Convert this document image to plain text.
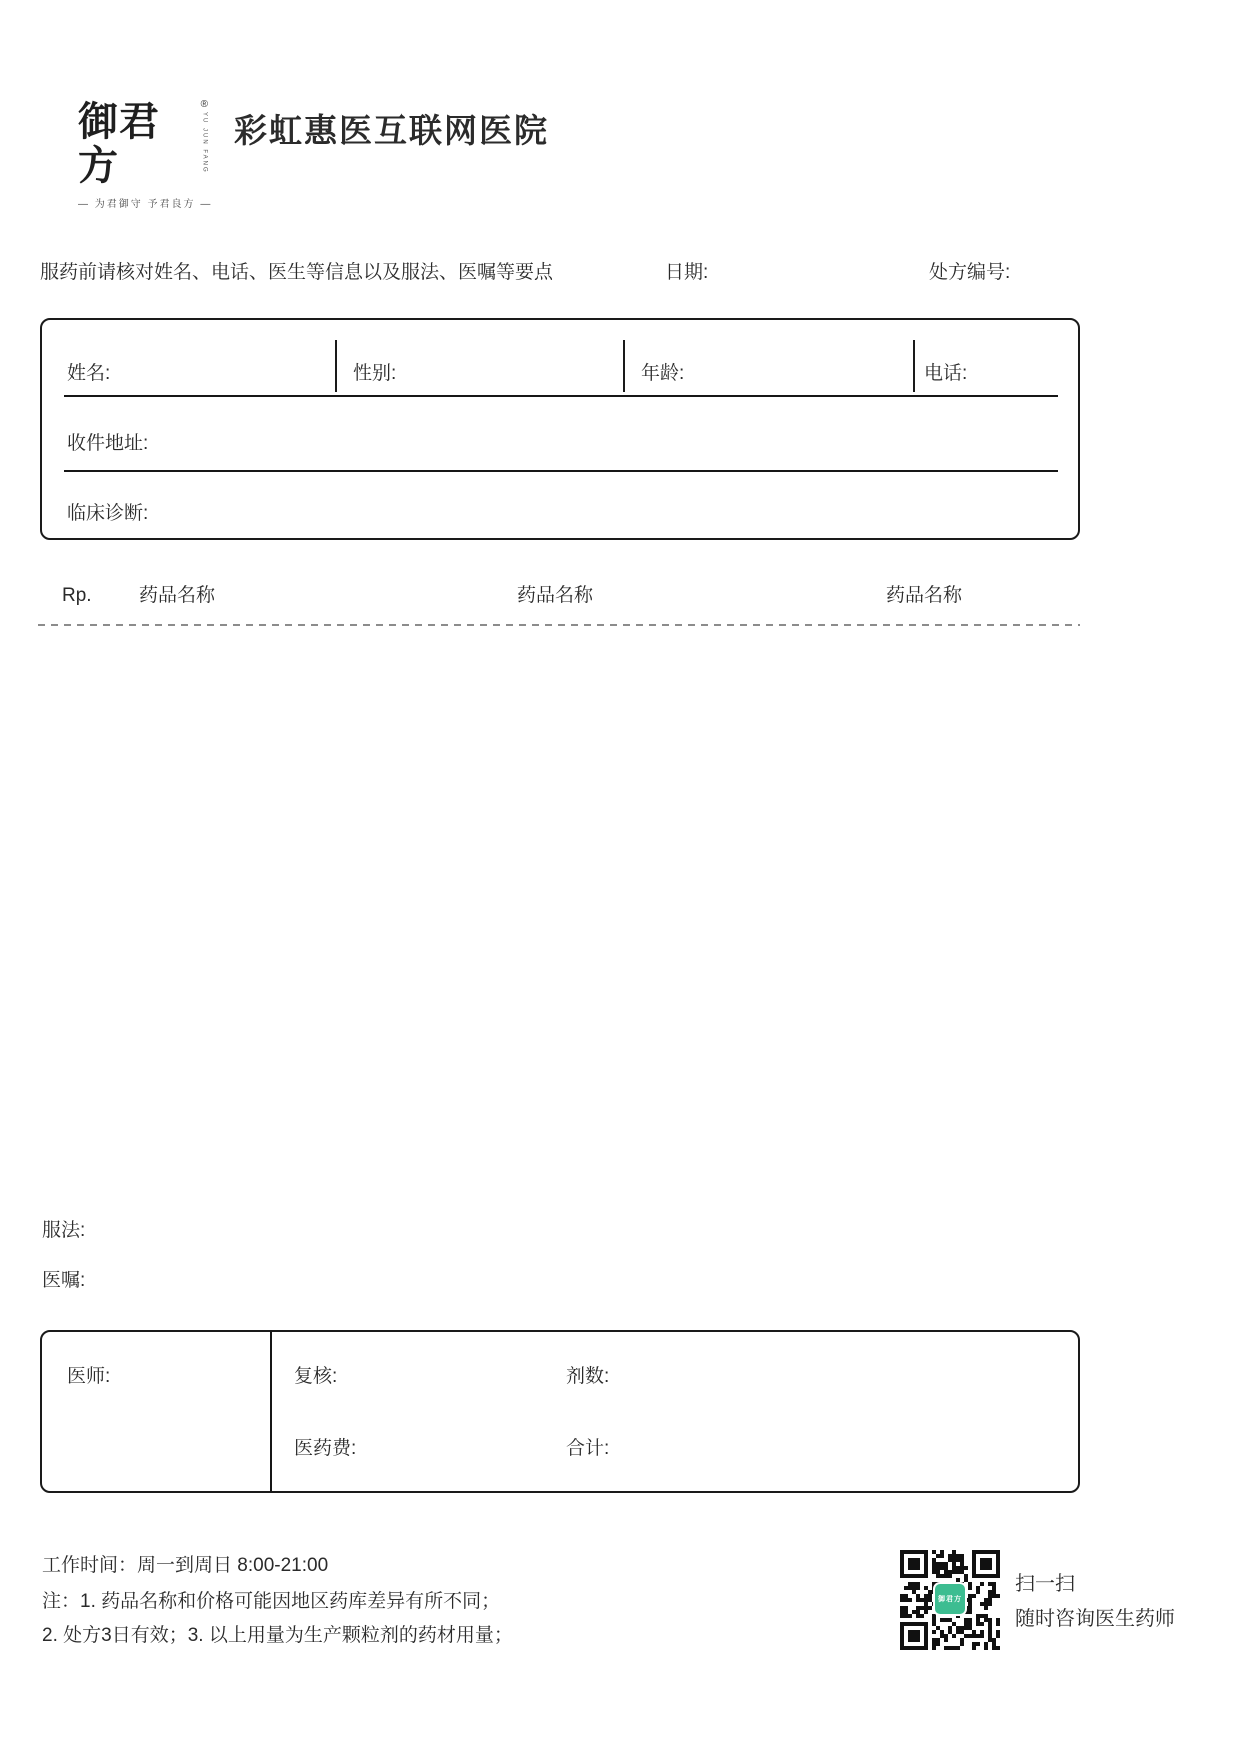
御君方
®
YU JUN FANG
— 为君御守 予君良方 —
彩虹惠医互联网医院
服药前请核对姓名、电话、医生等信息以及服法、医嘱等要点	日期:	处方编号:
姓名:	性别:	年龄:	电话:
收件地址:
临床诊断:
Rp. 药品名称	药品名称	药品名称
服法:
医嘱:
医师:	复核:	剂数:
医药费:	合计:
工作时间：周一到周日 8:00-21:00
注：1. 药品名称和价格可能因地区药库差异有所不同；
2. 处方3日有效；3. 以上用量为生产颗粒剂的药材用量；
御君方
扫一扫
随时咨询医生药师
